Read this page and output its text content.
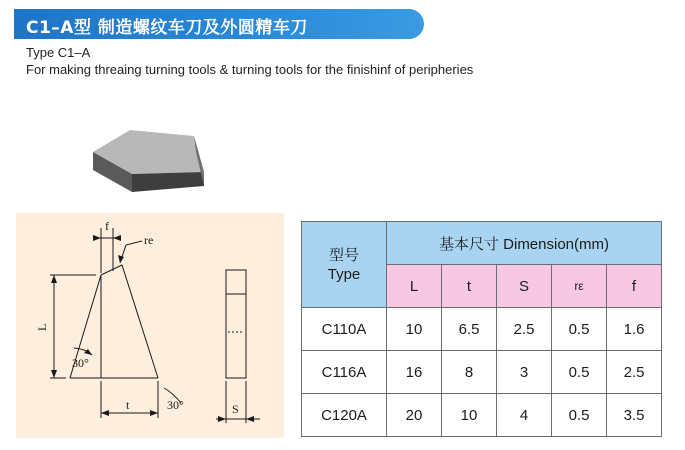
C1–A型 制造螺纹车刀及外圆精车刀
Type C1–A
For making threaing turning tools & turning tools for the finishinf of peripheries
f
re
L
30°
30°
t	S
型号
Type	基本尺寸 Dimension(mm)				
	L	t	S	rε	f
C110A	10	6.5	2.5	0.5	1.6
C116A	16	8	3	0.5	2.5
C120A	20	10	4	0.5	3.5
